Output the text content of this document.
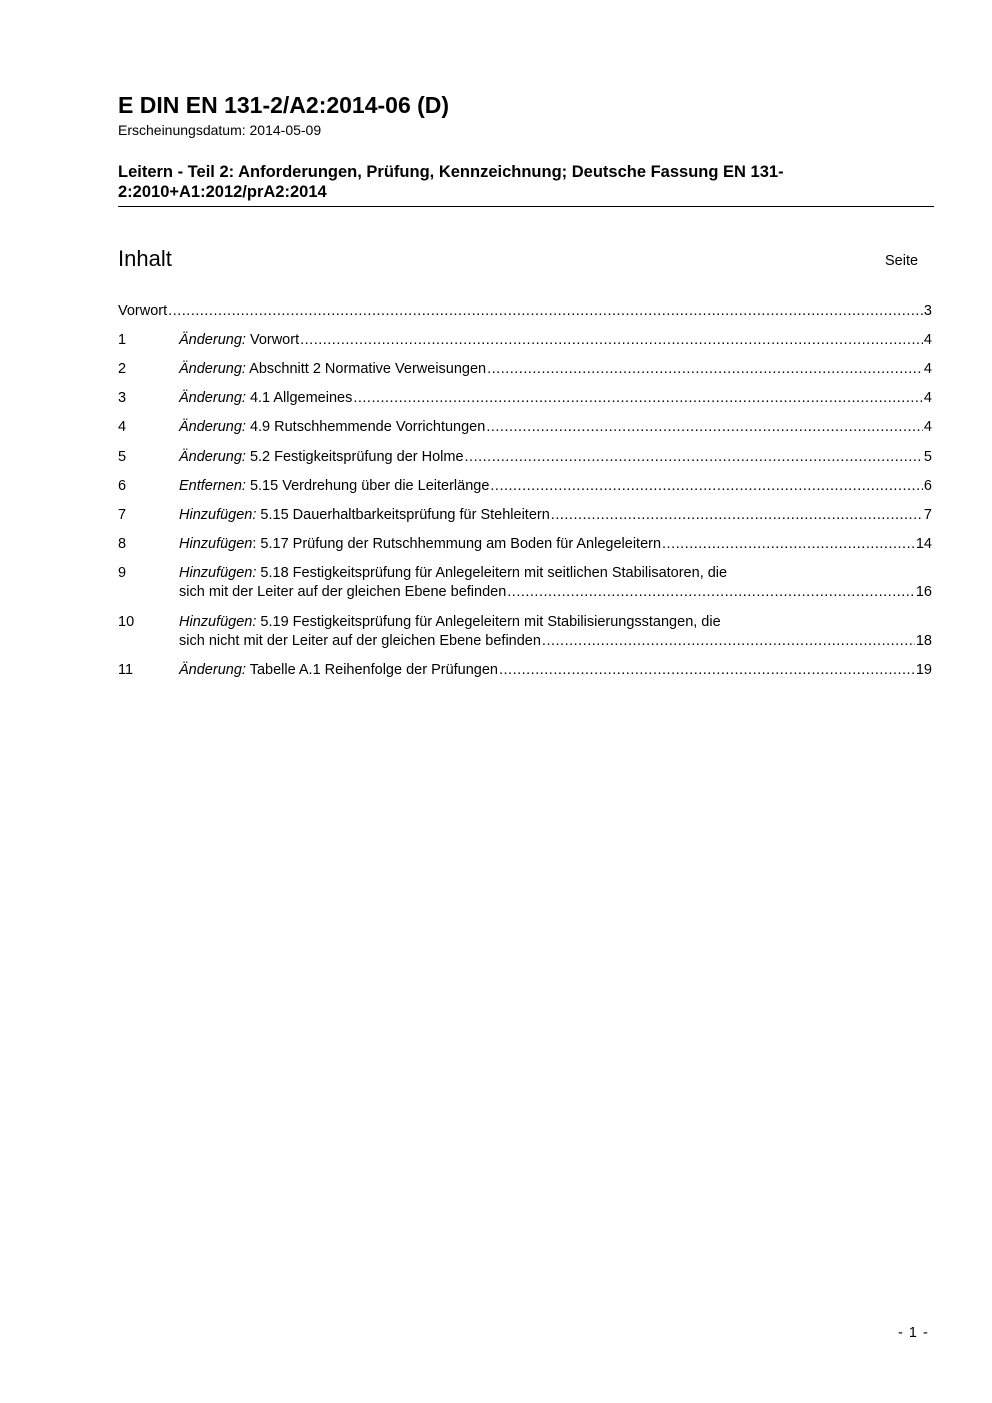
E DIN EN 131-2/A2:2014-06 (D)
Erscheinungsdatum: 2014-05-09
Leitern - Teil 2: Anforderungen, Prüfung, Kennzeichnung; Deutsche Fassung EN 131-2:2010+A1:2012/prA2:2014
Inhalt	Seite
Vorwort .....	3
1	Änderung: Vorwort .....	4
2	Änderung: Abschnitt 2 Normative Verweisungen .....	4
3	Änderung: 4.1 Allgemeines .....	4
4	Änderung: 4.9 Rutschhemmende Vorrichtungen .....	4
5	Änderung: 5.2 Festigkeitsprüfung der Holme .....	5
6	Entfernen: 5.15 Verdrehung über die Leiterlänge .....	6
7	Hinzufügen: 5.15 Dauerhaltbarkeitsprüfung für Stehleitern .....	7
8	Hinzufügen: 5.17 Prüfung der Rutschhemmung am Boden für Anlegeleitern .....	14
9	Hinzufügen: 5.18 Festigkeitsprüfung für Anlegeleitern mit seitlichen Stabilisatoren, die
sich mit der Leiter auf der gleichen Ebene befinden .....	16
10	Hinzufügen: 5.19 Festigkeitsprüfung für Anlegeleitern mit Stabilisierungsstangen, die
sich nicht mit der Leiter auf der gleichen Ebene befinden .....	18
11	Änderung: Tabelle A.1 Reihenfolge der Prüfungen .....	19
- 1 -
